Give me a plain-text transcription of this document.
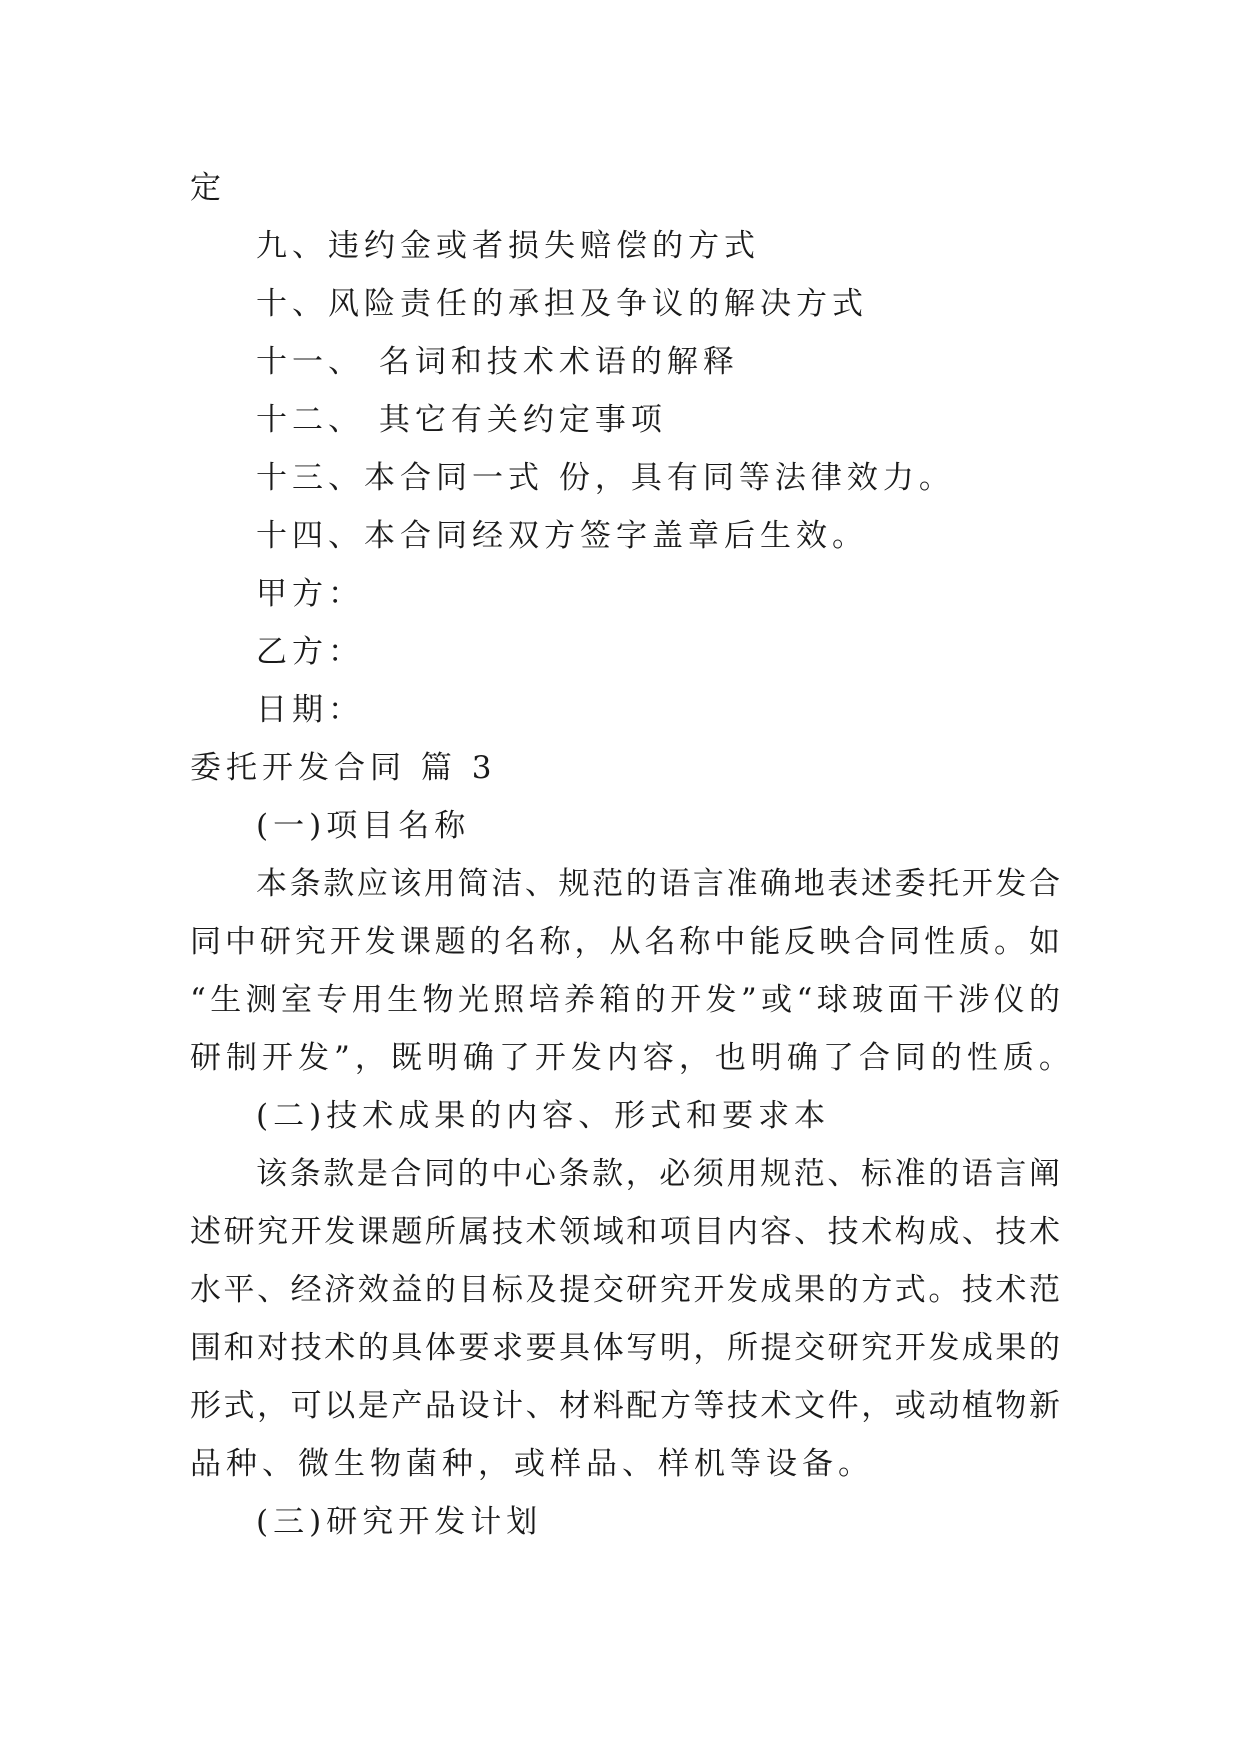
定

九、违约金或者损失赔偿的方式

十、风险责任的承担及争议的解决方式

十一、 名词和技术术语的解释

十二、 其它有关约定事项

十三、本合同一式 份，具有同等法律效力。

十四、本合同经双方签字盖章后生效。

甲方：

乙方：

日期：

委托开发合同 篇 3

(一)项目名称

本条款应该用简洁、规范的语言准确地表述委托开发合

同中研究开发课题的名称，从名称中能反映合同性质。如

“生测室专用生物光照培养箱的开发”或“球玻面干涉仪的

研制开发”，既明确了开发内容，也明确了合同的性质。

(二)技术成果的内容、形式和要求本

该条款是合同的中心条款，必须用规范、标准的语言阐

述研究开发课题所属技术领域和项目内容、技术构成、技术

水平、经济效益的目标及提交研究开发成果的方式。技术范

围和对技术的具体要求要具体写明，所提交研究开发成果的

形式，可以是产品设计、材料配方等技术文件，或动植物新

品种、微生物菌种，或样品、样机等设备。

(三)研究开发计划
